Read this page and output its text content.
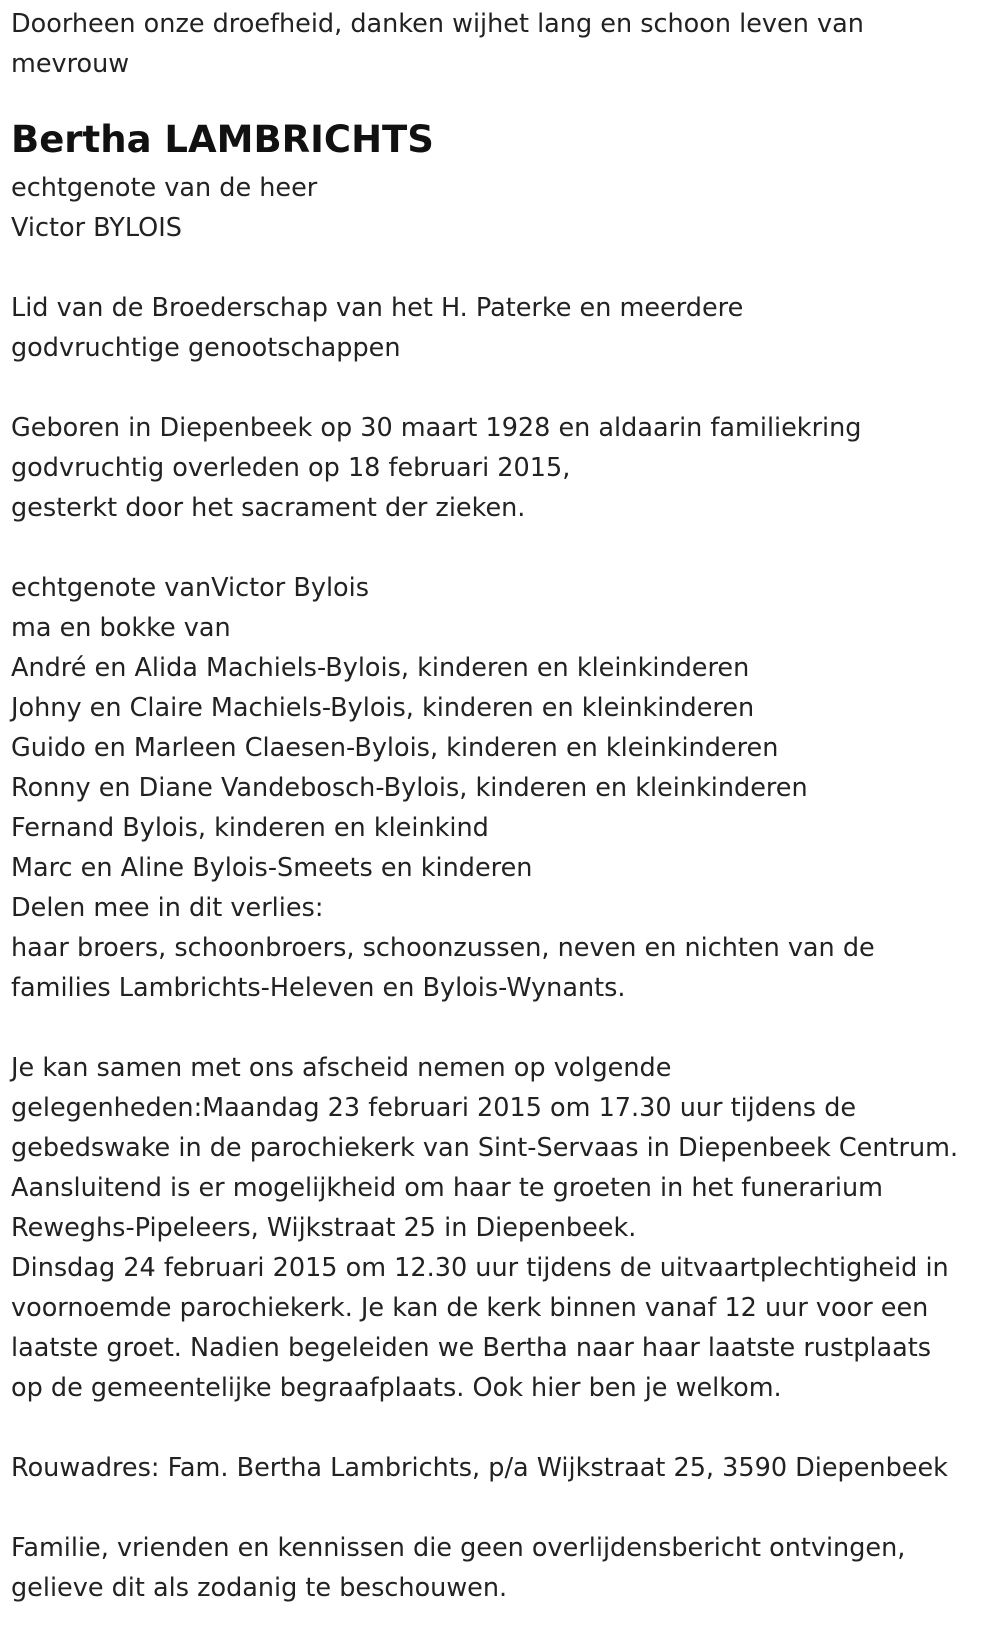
Doorheen onze droefheid, danken wijhet lang en schoon leven van
mevrouw

Bertha LAMBRICHTS

echtgenote van de heer
Victor BYLOIS

Lid van de Broederschap van het H. Paterke en meerdere
godvruchtige genootschappen

Geboren in Diepenbeek op 30 maart 1928 en aldaarin familiekring
godvruchtig overleden op 18 februari 2015,
gesterkt door het sacrament der zieken.

echtgenote vanVictor Bylois
ma en bokke van
André en Alida Machiels-Bylois, kinderen en kleinkinderen
Johny en Claire Machiels-Bylois, kinderen en kleinkinderen
Guido en Marleen Claesen-Bylois, kinderen en kleinkinderen
Ronny en Diane Vandebosch-Bylois, kinderen en kleinkinderen
Fernand Bylois, kinderen en kleinkind
Marc en Aline Bylois-Smeets en kinderen
Delen mee in dit verlies:
haar broers, schoonbroers, schoonzussen, neven en nichten van de
families Lambrichts-Heleven en Bylois-Wynants.

Je kan samen met ons afscheid nemen op volgende
gelegenheden:Maandag 23 februari 2015 om 17.30 uur tijdens de
gebedswake in de parochiekerk van Sint-Servaas in Diepenbeek Centrum.
Aansluitend is er mogelijkheid om haar te groeten in het funerarium
Reweghs-Pipeleers, Wijkstraat 25 in Diepenbeek.
Dinsdag 24 februari 2015 om 12.30 uur tijdens de uitvaartplechtigheid in
voornoemde parochiekerk. Je kan de kerk binnen vanaf 12 uur voor een
laatste groet. Nadien begeleiden we Bertha naar haar laatste rustplaats
op de gemeentelijke begraafplaats. Ook hier ben je welkom.

Rouwadres: Fam. Bertha Lambrichts, p/a Wijkstraat 25, 3590 Diepenbeek

Familie, vrienden en kennissen die geen overlijdensbericht ontvingen,
gelieve dit als zodanig te beschouwen.
